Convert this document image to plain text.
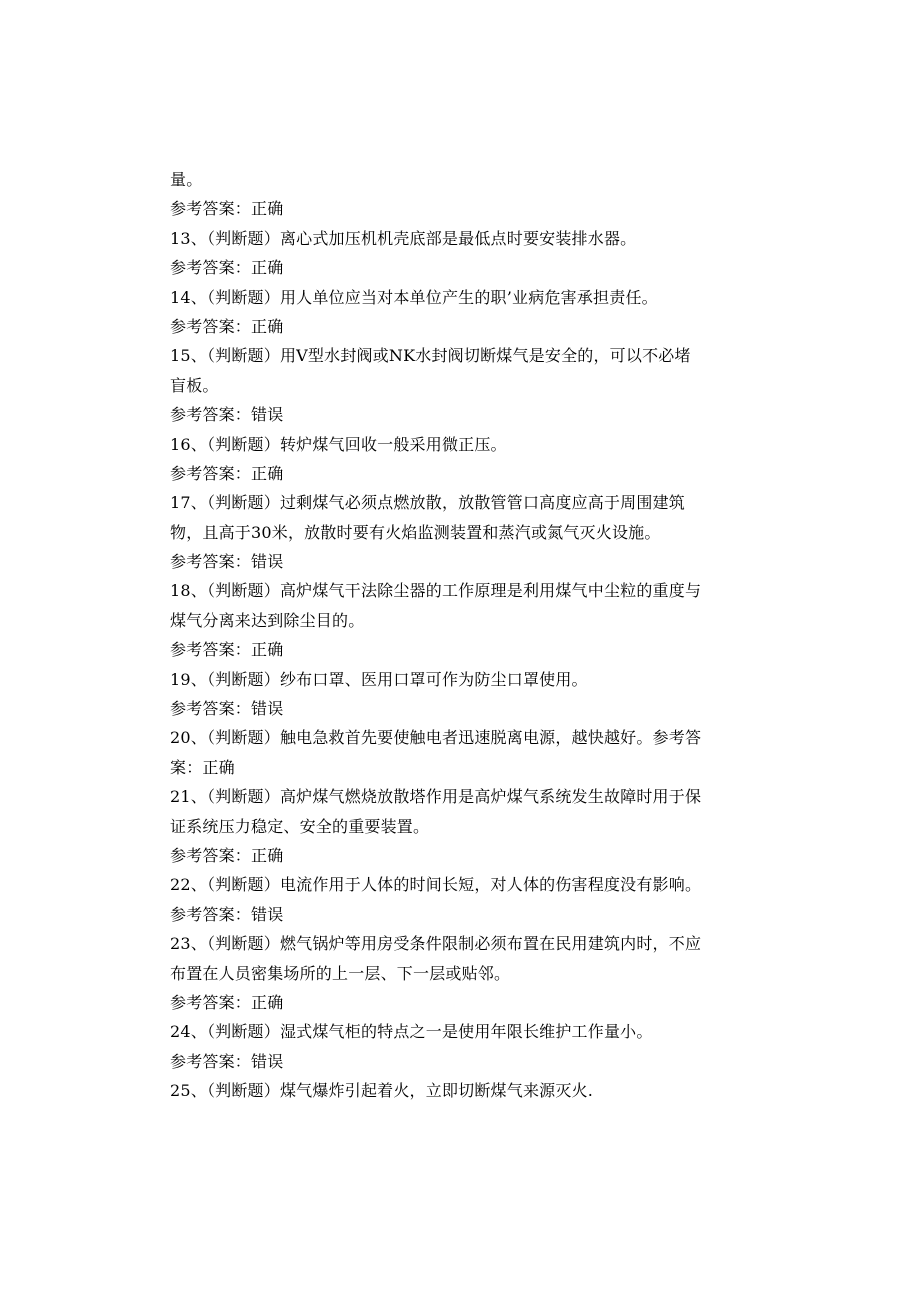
量。
参考答案：正确
13、（判断题）离心式加压机机壳底部是最低点时要安装排水器。
参考答案：正确
14、（判断题）用人单位应当对本单位产生的职’业病危害承担责任。
参考答案：正确
15、（判断题）用V型水封阀或NK水封阀切断煤气是安全的，可以不必堵
盲板。
参考答案：错误
16、（判断题）转炉煤气回收一般采用微正压。
参考答案：正确
17、（判断题）过剩煤气必须点燃放散，放散管管口高度应高于周围建筑
物，且高于30米，放散时要有火焰监测装置和蒸汽或氮气灭火设施。
参考答案：错误
18、（判断题）高炉煤气干法除尘器的工作原理是利用煤气中尘粒的重度与
煤气分离来达到除尘目的。
参考答案：正确
19、（判断题）纱布口罩、医用口罩可作为防尘口罩使用。
参考答案：错误
20、（判断题）触电急救首先要使触电者迅速脱离电源，越快越好。参考答
案：正确
21、（判断题）高炉煤气燃烧放散塔作用是高炉煤气系统发生故障时用于保
证系统压力稳定、安全的重要装置。
参考答案：正确
22、（判断题）电流作用于人体的时间长短，对人体的伤害程度没有影响。
参考答案：错误
23、（判断题）燃气锅炉等用房受条件限制必须布置在民用建筑内时，不应
布置在人员密集场所的上一层、下一层或贴邻。
参考答案：正确
24、（判断题）湿式煤气柜的特点之一是使用年限长维护工作量小。
参考答案：错误
25、（判断题）煤气爆炸引起着火，立即切断煤气来源灭火.
